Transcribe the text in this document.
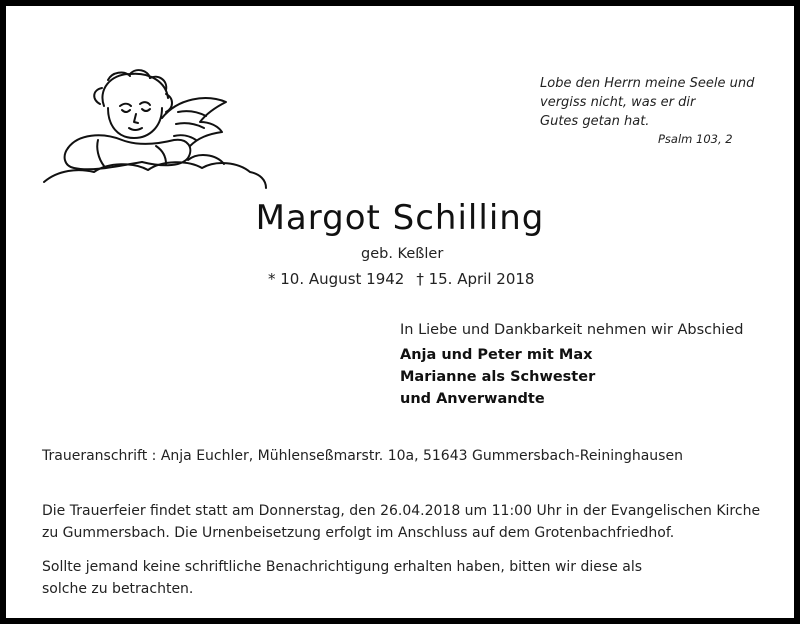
Lobe den Herrn meine Seele und
vergiss nicht, was er dir
Gutes getan hat.
Psalm 103, 2
Margot Schilling
geb. Keßler
* 10. August 1942 † 15. April 2018
In Liebe und Dankbarkeit nehmen wir Abschied
Anja und Peter mit Max
Marianne als Schwester
und Anverwandte
Traueranschrift : Anja Euchler, Mühlenseßmarstr. 10a, 51643 Gummersbach-Reininghausen
Die Trauerfeier findet statt am Donnerstag, den 26.04.2018 um 11:00 Uhr in der Evangelischen Kirche
zu Gummersbach. Die Urnenbeisetzung erfolgt im Anschluss auf dem Grotenbachfriedhof.
Sollte jemand keine schriftliche Benachrichtigung erhalten haben, bitten wir diese als
solche zu betrachten.
